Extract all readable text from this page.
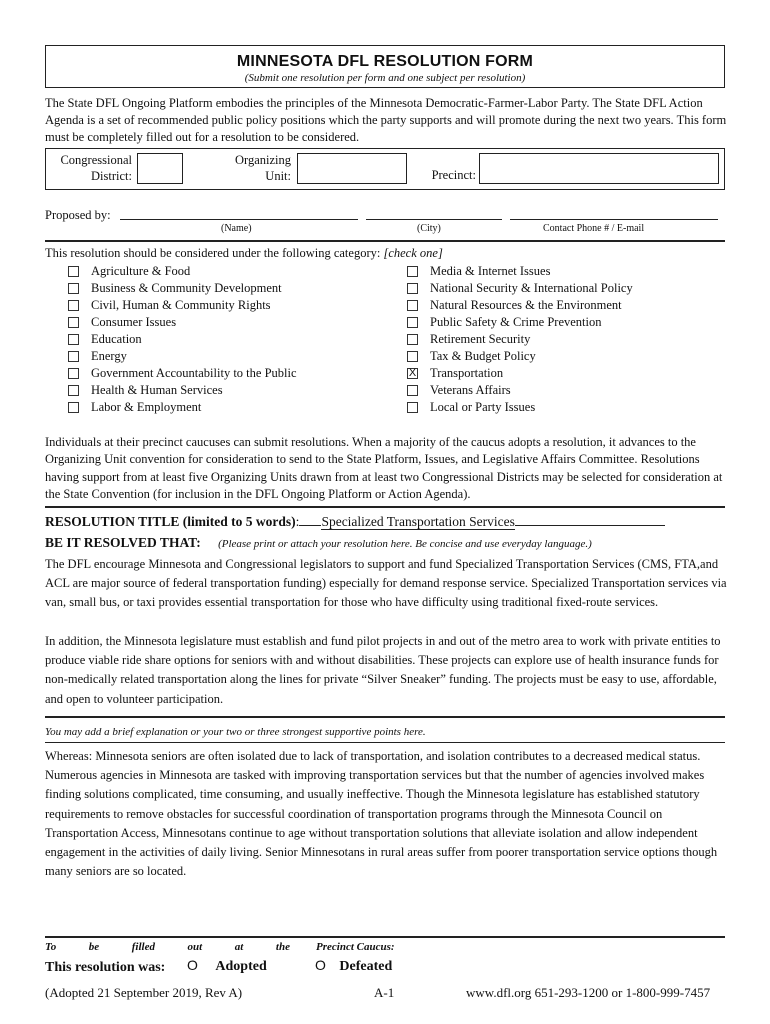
MINNESOTA DFL RESOLUTION FORM
(Submit one resolution per form and one subject per resolution)
The State DFL Ongoing Platform embodies the principles of the Minnesota Democratic-Farmer-Labor Party. The State DFL Action Agenda is a set of recommended public policy positions which the party supports and will promote during the next two years. This form must be completely filled out for a resolution to be considered.
Congressional
District:
Organizing
Unit:	Precinct:
Proposed by:
(Name)	(City)	Contact Phone # / E-mail
This resolution should be considered under the following category: [check one]
Agriculture & Food
Business & Community Development
Civil, Human & Community Rights
Consumer Issues
Education
Energy
Government Accountability to the Public
Health & Human Services
Labor & Employment
Media & Internet Issues
National Security & International Policy
Natural Resources & the Environment
Public Safety & Crime Prevention
Retirement Security
Tax & Budget Policy
X Transportation
Veterans Affairs
Local or Party Issues
Individuals at their precinct caucuses can submit resolutions. When a majority of the caucus adopts a resolution, it advances to the Organizing Unit convention for consideration to send to the State Platform, Issues, and Legislative Affairs Committee. Resolutions having support from at least five Organizing Units drawn from at least two Congressional Districts may be selected for consideration at the State Convention (for inclusion in the DFL Ongoing Platform or Action Agenda).
RESOLUTION TITLE (limited to 5 words): Specialized Transportation Services
BE IT RESOLVED THAT: (Please print or attach your resolution here. Be concise and use everyday language.)
The DFL encourage Minnesota and Congressional legislators to support and fund Specialized Transportation Services (CMS, FTA,and ACL are major source of federal transportation funding) especially for demand response service. Specialized Transportation services via van, small bus, or taxi provides essential transportation for those who have difficulty using traditional fixed-route services.
In addition, the Minnesota legislature must establish and fund pilot projects in and out of the metro area to work with private entities to produce viable ride share options for seniors with and without disabilities. These projects can explore use of health insurance funds for non-medically related transportation along the lines for private “Silver Sneaker” funding. The projects must be easy to use, affordable, and open to volunteer participation.
You may add a brief explanation or your two or three strongest supportive points here.
Whereas: Minnesota seniors are often isolated due to lack of transportation, and isolation contributes to a decreased medical status. Numerous agencies in Minnesota are tasked with improving transportation services but that the number of agencies involved makes finding solutions complicated, time consuming, and usually ineffective. Though the Minnesota legislature has established statutory requirements to remove obstacles for successful coordination of transportation programs through the Minnesota Council on Transportation Access, Minnesotans continue to age without transportation solutions that alleviate isolation and allow independent engagement in the activities of daily living. Senior Minnesotans in rural areas suffer from poorer transportation service options though many seniors are so located.
To	be	filled	out	at	the Precinct Caucus:
This resolution was: O Adopted	O Defeated
(Adopted 21 September 2019, Rev A)	A-1	www.dfl.org 651-293-1200 or 1-800-999-7457
